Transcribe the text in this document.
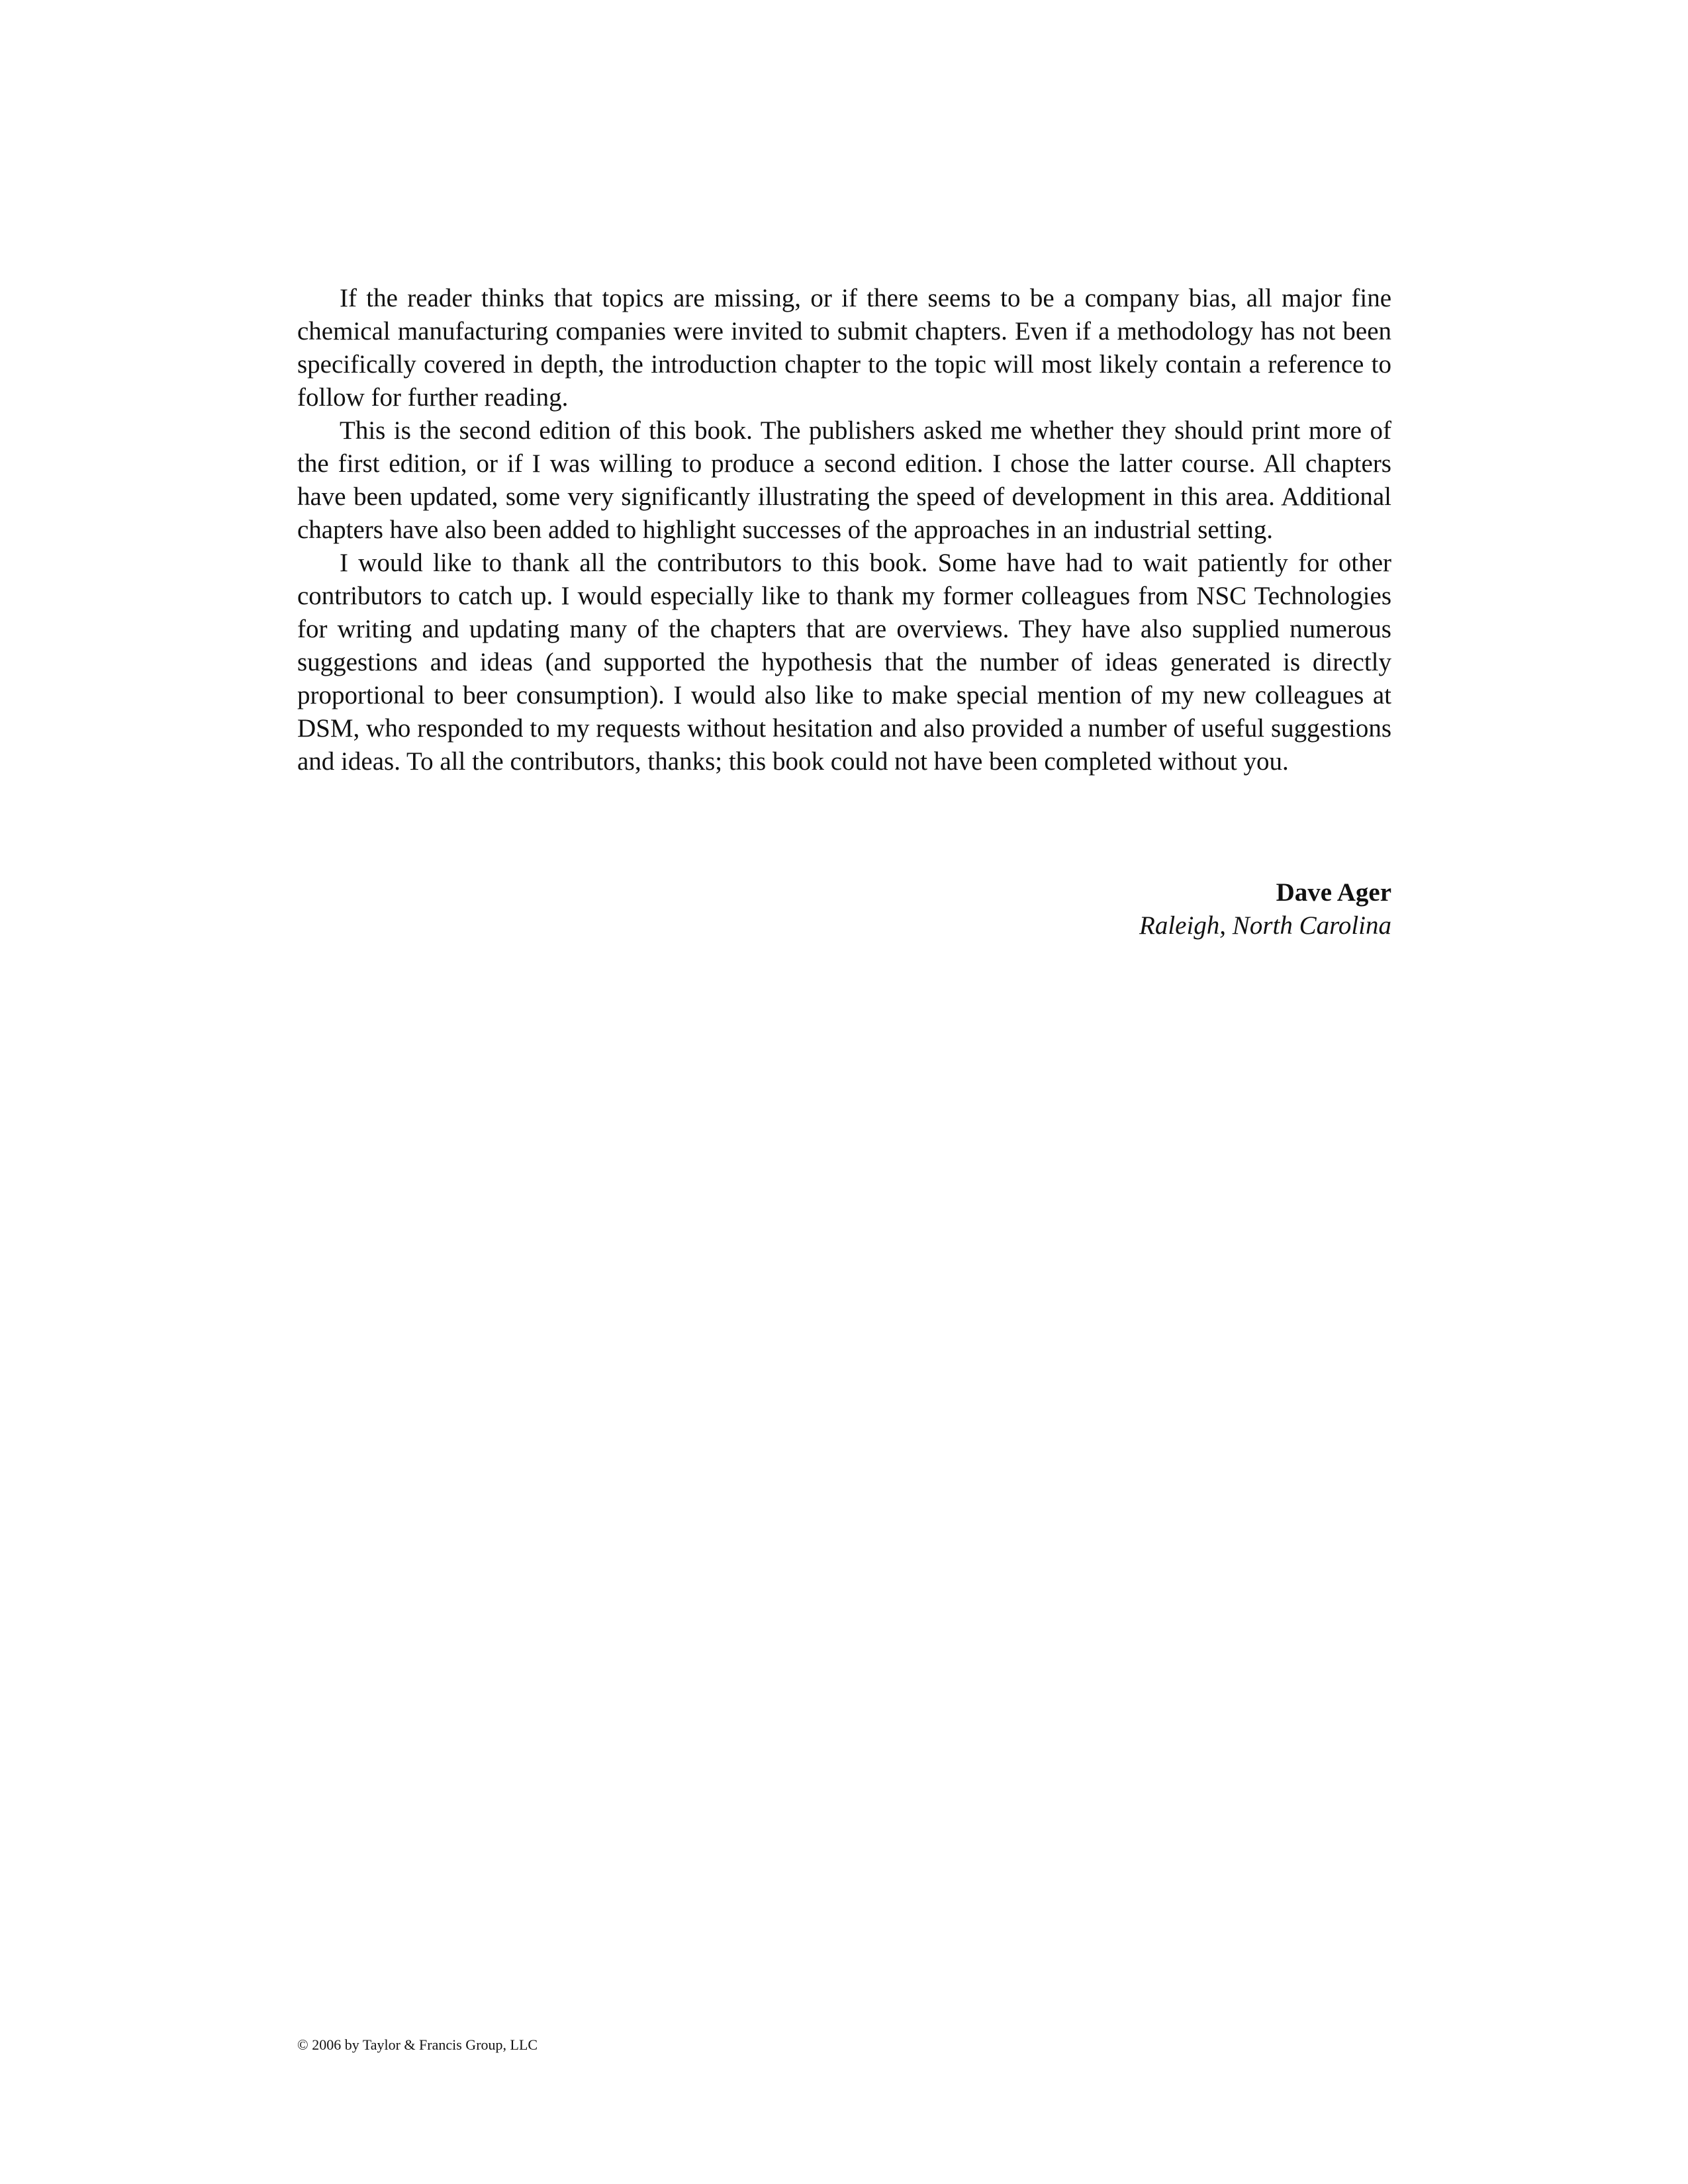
If the reader thinks that topics are missing, or if there seems to be a company bias, all major fine chemical manufacturing companies were invited to submit chapters. Even if a methodology has not been specifically covered in depth, the introduction chapter to the topic will most likely contain a reference to follow for further reading.

This is the second edition of this book. The publishers asked me whether they should print more of the first edition, or if I was willing to produce a second edition. I chose the latter course. All chapters have been updated, some very significantly illustrating the speed of development in this area. Additional chapters have also been added to highlight successes of the approaches in an industrial setting.

I would like to thank all the contributors to this book. Some have had to wait patiently for other contributors to catch up. I would especially like to thank my former colleagues from NSC Technologies for writing and updating many of the chapters that are overviews. They have also supplied numerous suggestions and ideas (and supported the hypothesis that the number of ideas generated is directly proportional to beer consumption). I would also like to make special mention of my new colleagues at DSM, who responded to my requests without hesitation and also provided a number of useful suggestions and ideas. To all the contributors, thanks; this book could not have been completed without you.

Dave Ager
Raleigh, North Carolina
© 2006 by Taylor & Francis Group, LLC
